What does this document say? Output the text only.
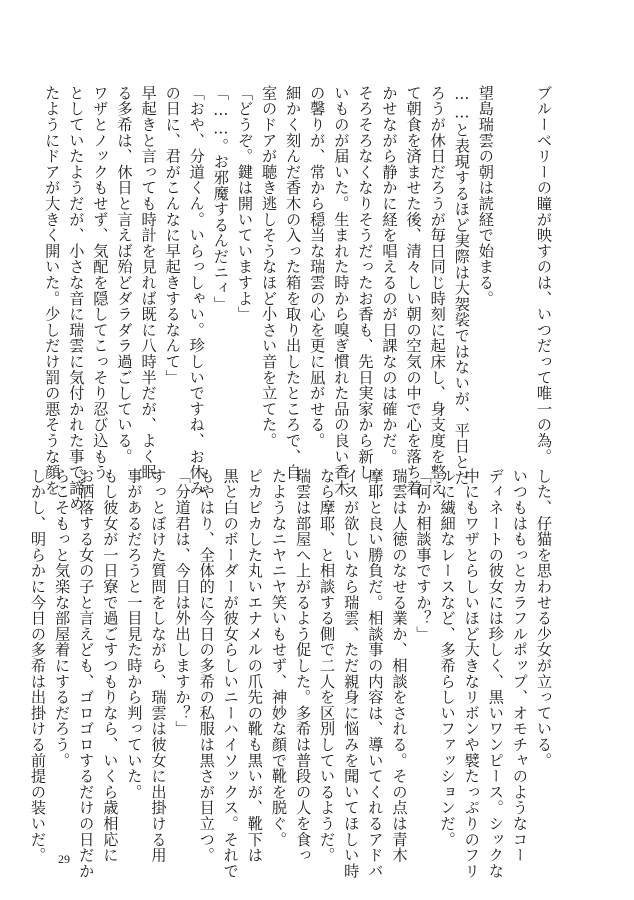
ブルーベリーの瞳が映すのは、いつだって唯一の為。

望島瑞雲の朝は読経で始まる。

……と表現するほど実際は大袈裟ではないが、平日とだ

ろうが休日だろうが毎日同じ時刻に起床し、身支度を整え

て朝食を済ませた後、清々しい朝の空気の中で心を落ち着

かせながら静かに経を唱えるのが日課なのは確かだ。

そろそろなくなりそうだったお香も、先日実家から新し

いものが届いた。生まれた時から嗅ぎ慣れた品の良い香木

の馨りが、常から穏当な瑞雲の心を更に凪がせる。

細かく刻んだ香木の入った箱を取り出したところで、自

室のドアが聴き逃しそうなほど小さい音を立てた。

「どうぞ。鍵は開いていますよ」

「……。お邪魔するんだニィ」

「おや、分道くん。いらっしゃい。珍しいですね、お休み

の日に、君がこんなに早起きするなんて」

早起きと言っても時計を見れば既に八時半だが、よく眠

る多希は、休日と言えば殆どダラダラ過ごしている。

ワザとノックもせず、気配を隠してこっそり忍び込もう

としていたようだが、小さな音に瑞雲に気付かれた事で諦め

たようにドアが大きく開いた。少しだけ罰の悪そうな顔を

した、仔猫を思わせる少女が立っている。

いつもはもっとカラフルポップ、オモチャのようなコー

ディネートの彼女には珍しく、黒いワンピース。シックな

中にもワザとらしいほど大きなリボンや襞たっぷりのフリ

ルに繊細なレースなど、多希らしいファッションだ。

「何か相談事ですか？」

瑞雲は人徳のなせる業か、相談をされる。その点は青木

摩耶と良い勝負だ。相談事の内容は、導いてくれるアドバ

イスが欲しいなら瑞雲、ただ親身に悩みを聞いてほしい時

なら摩耶、と相談する側で二人を区別しているようだ。

瑞雲は部屋へ上がるよう促した。多希は普段の人を食っ

たようなニヤニヤ笑いもせず、神妙な顔で靴を脱ぐ。

ピカピカした丸いエナメルの爪先の靴も黒いが、靴下は

黒と白のボーダーが彼女らしいニーハイソックス。それで

もやはり、全体的に今日の多希の私服は黒さが目立つ。

「分道君は、今日は外出しますか？」

すっとぼけた質問をしながら、瑞雲は彼女に出掛ける用

事があるだろうと一目見た時から判っていた。

もし彼女が一日寮で過ごすつもりなら、いくら歳相応に

お洒落する女の子と言えども、ゴロゴロするだけの日だか

らこそもっと気楽な部屋着にするだろう。

しかし、明らかに今日の多希は出掛ける前提の装いだ。 29
